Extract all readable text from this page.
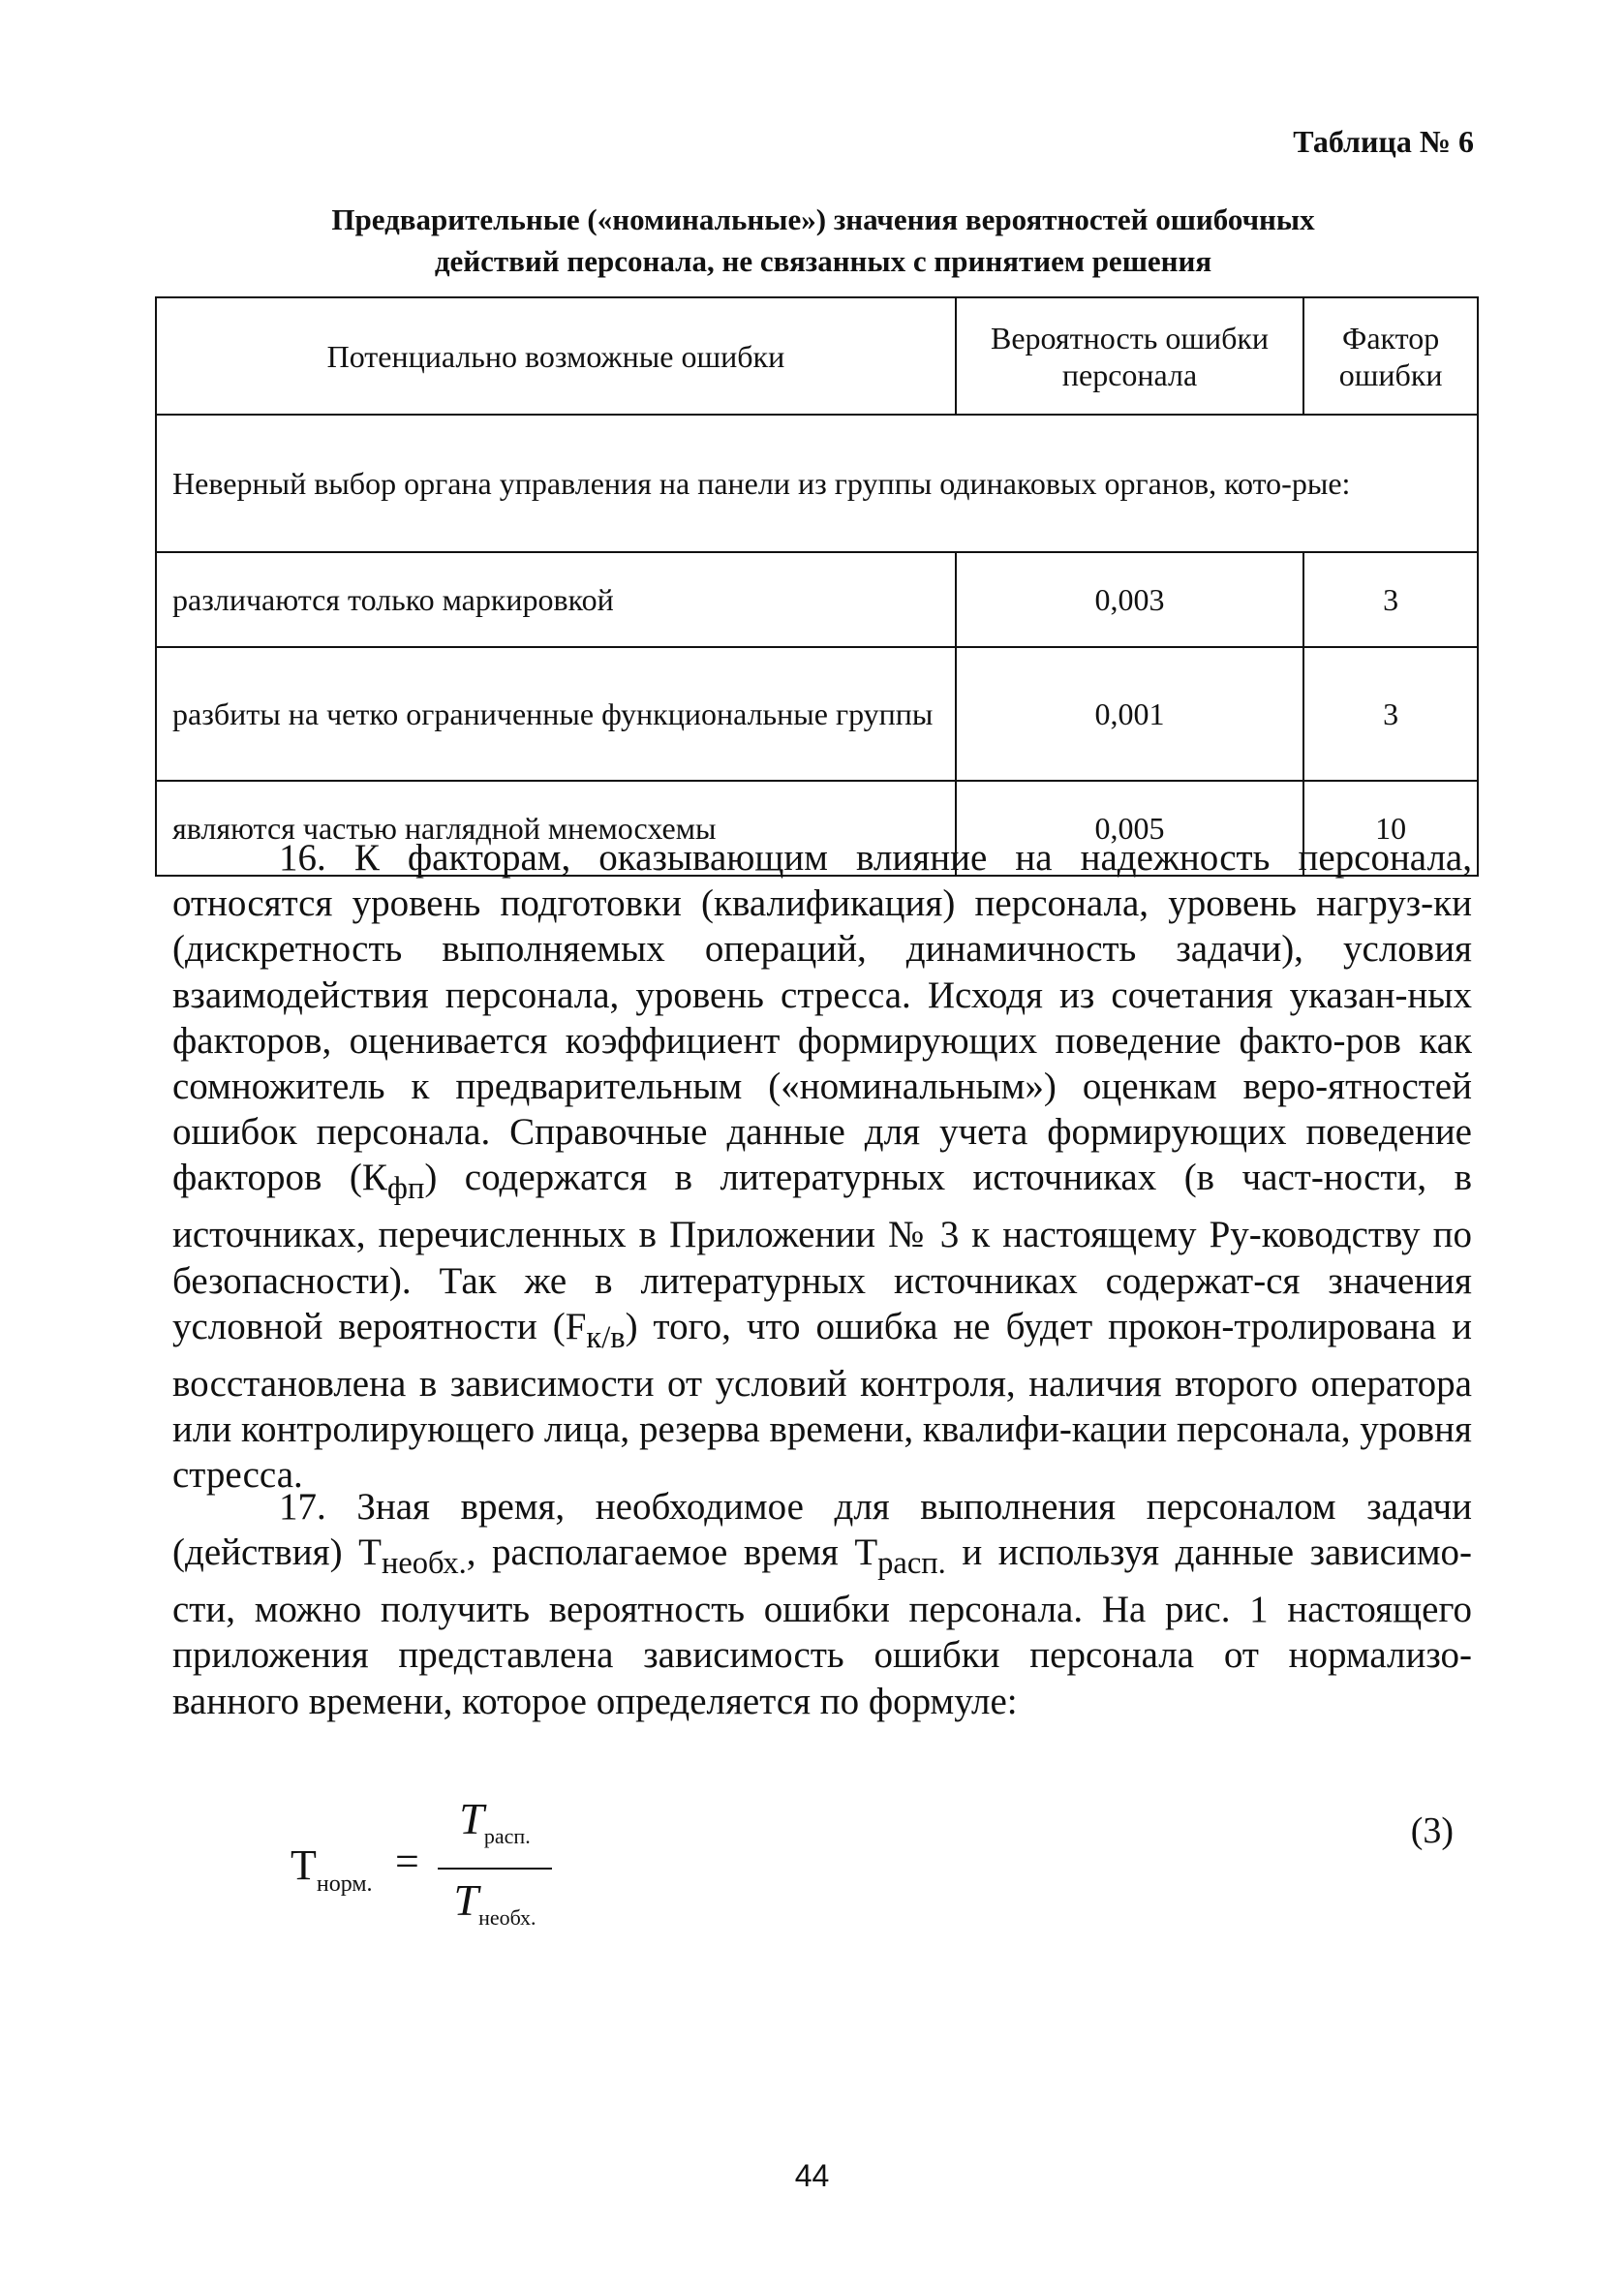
Таблица № 6
Предварительные («номинальные») значения вероятностей ошибочных
действий персонала, не связанных с принятием решения
Потенциально возможные ошибки	Вероятность ошибки персонала	Фактор ошибки
Неверный выбор органа управления на панели из группы одинаковых органов, кото-рые:		
различаются только маркировкой	0,003	3
разбиты на четко ограниченные функциональные группы	0,001	3
являются частью наглядной мнемосхемы	0,005	10
16. К факторам, оказывающим влияние на надежность персонала, относятся уровень подготовки (квалификация) персонала, уровень нагруз-ки (дискретность выполняемых операций, динамичность задачи), условия взаимодействия персонала, уровень стресса. Исходя из сочетания указан-ных факторов, оценивается коэффициент формирующих поведение факто-ров как сомножитель к предварительным («номинальным») оценкам веро-ятностей ошибок персонала. Справочные данные для учета формирующих поведение факторов $(К_{фп})$ содержатся в литературных источниках (в част-ности, в источниках, перечисленных в Приложении № 3 к настоящему Ру-ководству по безопасности). Так же в литературных источниках содержат-ся значения условной вероятности $(F_{к/в})$ того, что ошибка не будет прокон-тролирована и восстановлена в зависимости от условий контроля, наличия второго оператора или контролирующего лица, резерва времени, квалифи-кации персонала, уровня стресса.
17. Зная время, необходимое для выполнения персоналом задачи (действия) $Т_{необх.}$, располагаемое время $Т_{расп.}$ и используя данные зависимо-сти, можно получить вероятность ошибки персонала. На рис. 1 настоящего приложения представлена зависимость ошибки персонала от нормализо-ванного времени, которое определяется по формуле:
$Т_{норм.}$ =
$T_{расп.}$
$T_{необх.}$
(3)
44
